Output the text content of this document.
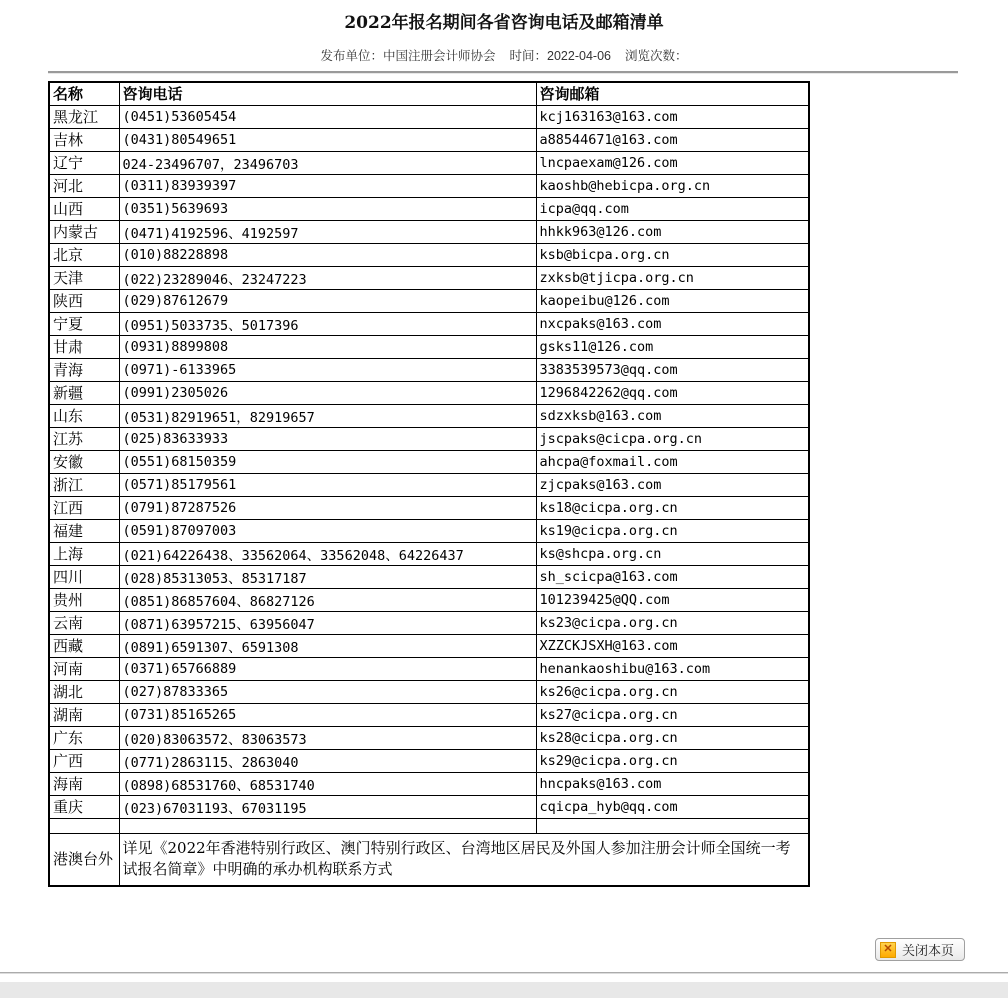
2022年报名期间各省咨询电话及邮箱清单
发布单位：中国注册会计师协会 时间：2022-04-06 浏览次数：
名称	咨询电话	咨询邮箱
黑龙江	(0451)53605454	kcj163163@163.com
吉林	(0431)80549651	a88544671@163.com
辽宁	024-23496707，23496703	lncpaexam@126.com
河北	(0311)83939397	kaoshb@hebicpa.org.cn
山西	(0351)5639693	icpa@qq.com
内蒙古	(0471)4192596、4192597	hhkk963@126.com
北京	(010)88228898	ksb@bicpa.org.cn
天津	(022)23289046、23247223	zxksb@tjicpa.org.cn
陕西	(029)87612679	kaopeibu@126.com
宁夏	(0951)5033735、5017396	nxcpaks@163.com
甘肃	(0931)8899808	gsks11@126.com
青海	(0971)-6133965	3383539573@qq.com
新疆	(0991)2305026	1296842262@qq.com
山东	(0531)82919651，82919657	sdzxksb@163.com
江苏	(025)83633933	jscpaks@cicpa.org.cn
安徽	(0551)68150359	ahcpa@foxmail.com
浙江	(0571)85179561	zjcpaks@163.com
江西	(0791)87287526	ks18@cicpa.org.cn
福建	(0591)87097003	ks19@cicpa.org.cn
上海	(021)64226438、33562064、33562048、64226437	ks@shcpa.org.cn
四川	(028)85313053、85317187	sh_scicpa@163.com
贵州	(0851)86857604、86827126	101239425@QQ.com
云南	(0871)63957215、63956047	ks23@cicpa.org.cn
西藏	(0891)6591307、6591308	XZZCKJSXH@163.com
河南	(0371)65766889	henankaoshibu@163.com
湖北	(027)87833365	ks26@cicpa.org.cn
湖南	(0731)85165265	ks27@cicpa.org.cn
广东	(020)83063572、83063573	ks28@cicpa.org.cn
广西	(0771)2863115、2863040	ks29@cicpa.org.cn
海南	(0898)68531760、68531740	hncpaks@163.com
重庆	(023)67031193、67031195	cqicpa_hyb@qq.com

港澳台外	详见《2022年香港特别行政区、澳门特别行政区、台湾地区居民及外国人参加注册会计师全国统一考试报名简章》中明确的承办机构联系方式	
✕ 关闭本页
